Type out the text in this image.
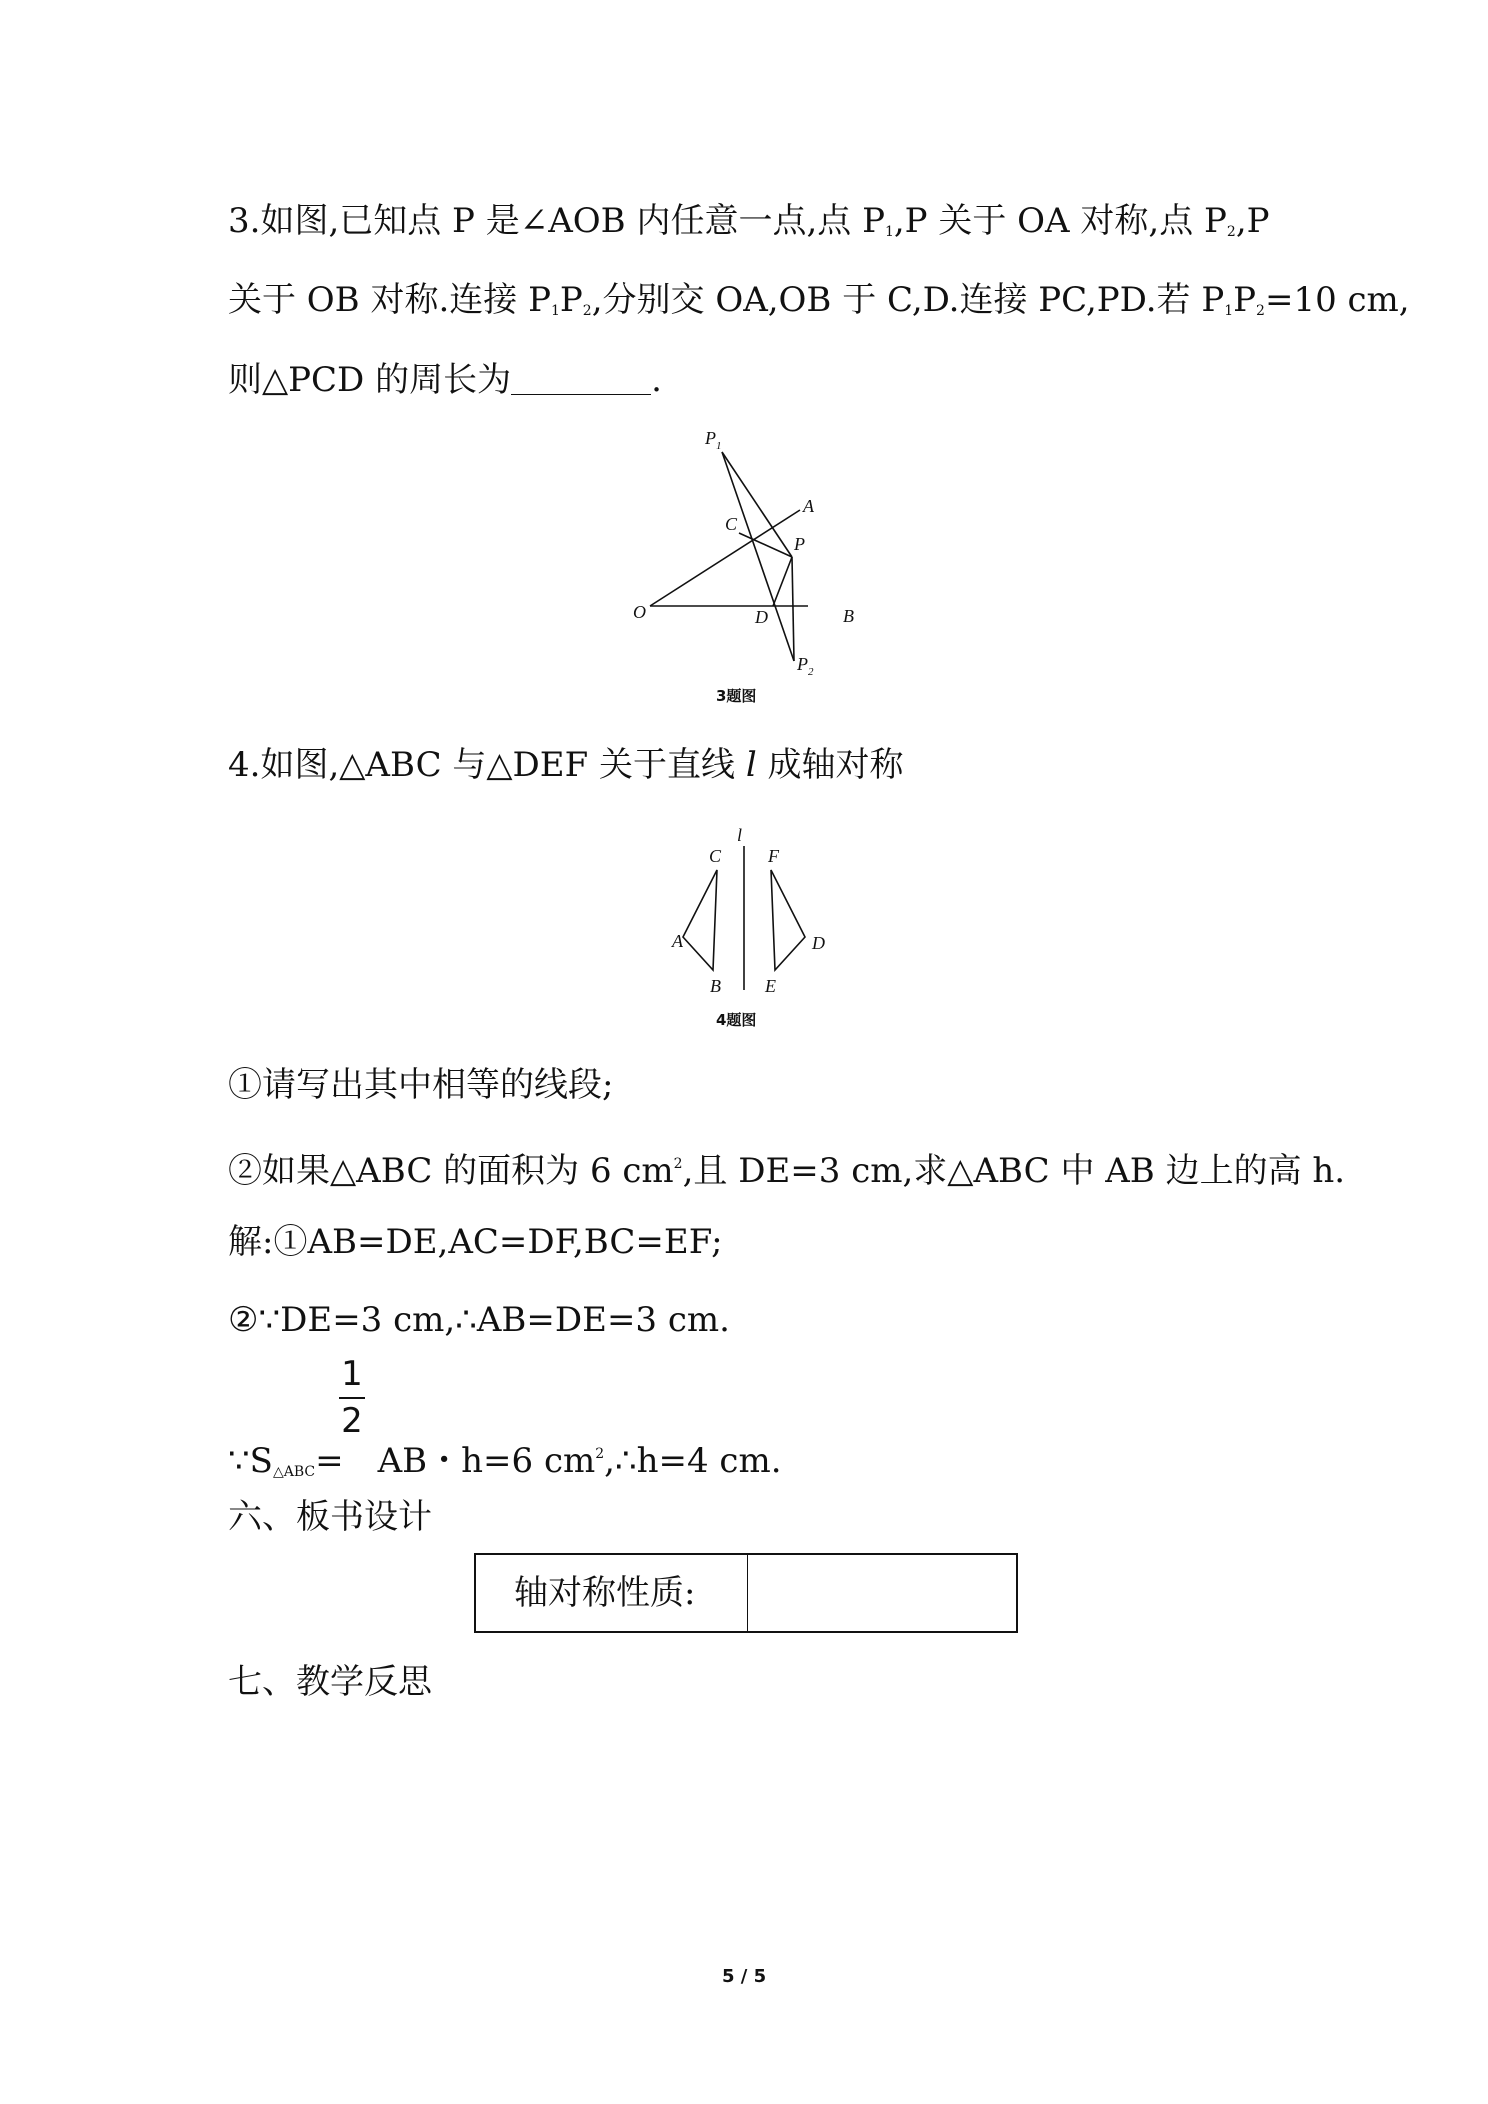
3.如图,已知点 P 是∠AOB 内任意一点,点 $P_1,P$ 关于 OA 对称,点 $P_2,P$
关于 OB 对称.连接 $P_1P_2$,分别交 OA,OB 于 C,D.连接 PC,PD.若 $P_1P_2=10$ cm,
则△PCD 的周长为	.
$P_1$
A
C
P
O	D	B
$P_2$
3题图
4.如图,△ABC 与△DEF 关于直线 l 成轴对称
l
C
A
B
F
D
E
4题图
①请写出其中相等的线段;
②如果△ABC 的面积为 6 $cm^2$,且 DE=3 cm,求△ABC 中 AB 边上的高 h.
解:①AB=DE,AC=DF,BC=EF;
②∵DE=3 cm,∴AB=DE=3 cm.
1
2
$\because S_{\triangle ABC}=$ AB・h=6 $cm^2,\therefore h=4$ cm.
六、板书设计
轴对称性质:
七、教学反思
5 / 5
